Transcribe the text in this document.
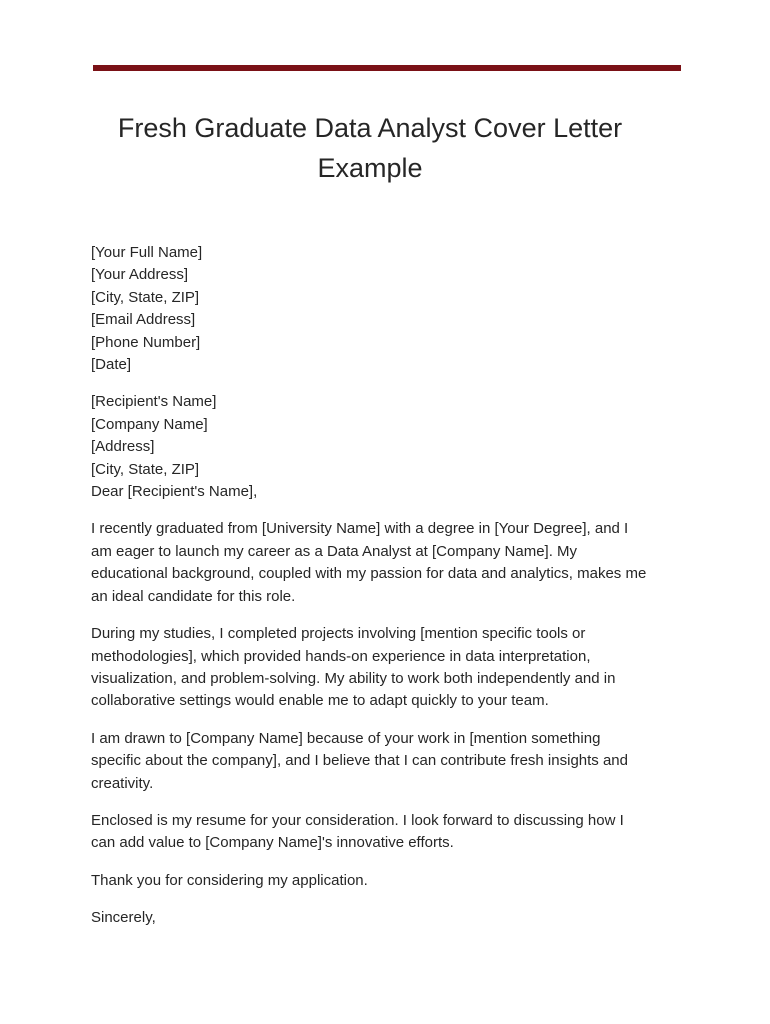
Fresh Graduate Data Analyst Cover Letter
Example
[Your Full Name]
[Your Address]
[City, State, ZIP]
[Email Address]
[Phone Number]
[Date]
[Recipient's Name]
[Company Name]
[Address]
[City, State, ZIP]
Dear [Recipient's Name],

I recently graduated from [University Name] with a degree in [Your Degree], and I
am eager to launch my career as a Data Analyst at [Company Name]. My
educational background, coupled with my passion for data and analytics, makes me
an ideal candidate for this role.

During my studies, I completed projects involving [mention specific tools or
methodologies], which provided hands-on experience in data interpretation,
visualization, and problem-solving. My ability to work both independently and in
collaborative settings would enable me to adapt quickly to your team.

I am drawn to [Company Name] because of your work in [mention something
specific about the company], and I believe that I can contribute fresh insights and
creativity.

Enclosed is my resume for your consideration. I look forward to discussing how I
can add value to [Company Name]'s innovative efforts.

Thank you for considering my application.

Sincerely,
